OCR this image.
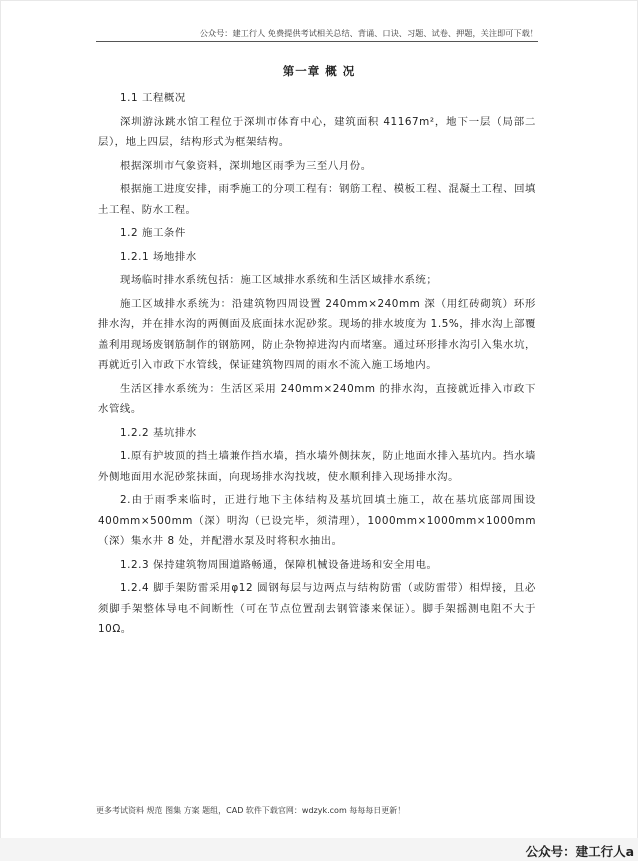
公众号：建工行人 免费提供考试相关总结、背诵、口诀、习题、试卷、押题，关注即可下载！
第一章 概 况

1.1 工程概况

深圳游泳跳水馆工程位于深圳市体育中心，建筑面积 41167m²，地下一层（局部二层），地上四层，结构形式为框架结构。

根据深圳市气象资料，深圳地区雨季为三至八月份。

根据施工进度安排，雨季施工的分项工程有：钢筋工程、模板工程、混凝土工程、回填土工程、防水工程。

1.2 施工条件

1.2.1 场地排水

现场临时排水系统包括：施工区域排水系统和生活区域排水系统；

施工区域排水系统为：沿建筑物四周设置 240mm×240mm 深（用红砖砌筑）环形排水沟，并在排水沟的两侧面及底面抹水泥砂浆。现场的排水坡度为 1.5%，排水沟上部覆盖利用现场废钢筋制作的钢筋网，防止杂物掉进沟内而堵塞。通过环形排水沟引入集水坑，再就近引入市政下水管线，保证建筑物四周的雨水不流入施工场地内。

生活区排水系统为：生活区采用 240mm×240mm 的排水沟，直接就近排入市政下水管线。

1.2.2 基坑排水

1.原有护坡顶的挡土墙兼作挡水墙，挡水墙外侧抹灰，防止地面水排入基坑内。挡水墙外侧地面用水泥砂浆抹面，向现场排水沟找坡，使水顺利排入现场排水沟。

2.由于雨季来临时，正进行地下主体结构及基坑回填土施工，故在基坑底部周围设 400mm×500mm（深）明沟（已设完毕，须清理），1000mm×1000mm×1000mm（深）集水井 8 处，并配潜水泵及时将积水抽出。

1.2.3 保持建筑物周围道路畅通，保障机械设备进场和安全用电。

1.2.4 脚手架防雷采用φ12 圆钢每层与边两点与结构防雷（或防雷带）相焊接，且必须脚手架整体导电不间断性（可在节点位置刮去钢管漆来保证）。脚手架摇测电阻不大于 10Ω。

更多考试资料 规范 图集 方案 题组，CAD 软件下载官网：wdzyk.com 每每每日更新！
公众号：建工行人a
